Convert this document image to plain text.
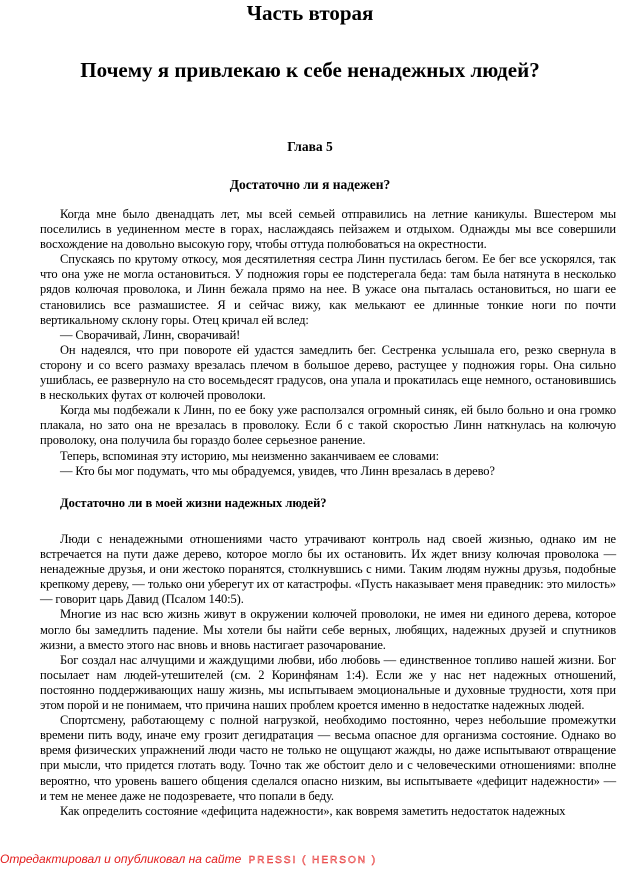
Часть вторая
Почему я привлекаю к себе ненадежных людей?
Глава 5
Достаточно ли я надежен?

Когда мне было двенадцать лет, мы всей семьей отправились на летние каникулы. Вшестером мы поселились в уединенном месте в горах, наслаждаясь пейзажем и отдыхом. Однажды мы все совершили восхождение на довольно высокую гору, чтобы оттуда полюбоваться на окрестности.

Спускаясь по крутому откосу, моя десятилетняя сестра Линн пустилась бегом. Ее бег все ускорялся, так что она уже не могла остановиться. У подножия горы ее подстерегала беда: там была натянута в несколько рядов колючая проволока, и Линн бежала прямо на нее. В ужасе она пыталась остановиться, но шаги ее становились все размашистее. Я и сейчас вижу, как мелькают ее длинные тонкие ноги по почти вертикальному склону горы. Отец кричал ей вслед:

— Сворачивай, Линн, сворачивай!

Он надеялся, что при повороте ей удастся замедлить бег. Сестренка услышала его, резко свернула в сторону и со всего размаху врезалась плечом в большое дерево, растущее у подножия горы. Она сильно ушиблась, ее развернуло на сто восемьдесят градусов, она упала и прокатилась еще немного, остановившись в нескольких футах от колючей проволоки.

Когда мы подбежали к Линн, по ее боку уже расползался огромный синяк, ей было больно и она громко плакала, но зато она не врезалась в проволоку. Если б с такой скоростью Линн наткнулась на колючую проволоку, она получила бы гораздо более серьезное ранение.

Теперь, вспоминая эту историю, мы неизменно заканчиваем ее словами:

— Кто бы мог подумать, что мы обрадуемся, увидев, что Линн врезалась в дерево?

Достаточно ли в моей жизни надежных людей?

Люди с ненадежными отношениями часто утрачивают контроль над своей жизнью, однако им не встречается на пути даже дерево, которое могло бы их остановить. Их ждет внизу колючая проволока — ненадежные друзья, и они жестоко поранятся, столкнувшись с ними. Таким людям нужны друзья, подобные крепкому дереву, — только они уберегут их от катастрофы. «Пусть наказывает меня праведник: это милость» — говорит царь Давид (Псалом 140:5).

Многие из нас всю жизнь живут в окружении колючей проволоки, не имея ни единого дерева, которое могло бы замедлить падение. Мы хотели бы найти себе верных, любящих, надежных друзей и спутников жизни, а вместо этого нас вновь и вновь настигает разочарование.

Бог создал нас алчущими и жаждущими любви, ибо любовь — единственное топливо нашей жизни. Бог посылает нам людей-утешителей (см. 2 Коринфянам 1:4). Если же у нас нет надежных отношений, постоянно поддерживающих нашу жизнь, мы испытываем эмоциональные и духовные трудности, хотя при этом порой и не понимаем, что причина наших проблем кроется именно в недостатке надежных людей.

Спортсмену, работающему с полной нагрузкой, необходимо постоянно, через небольшие промежутки времени пить воду, иначе ему грозит дегидратация — весьма опасное для организма состояние. Однако во время физических упражнений люди часто не только не ощущают жажды, но даже испытывают отвращение при мысли, что придется глотать воду. Точно так же обстоит дело и с человеческими отношениями: вполне вероятно, что уровень вашего общения сделался опасно низким, вы испытываете «дефицит надежности» — и тем не менее даже не подозреваете, что попали в беду.

Как определить состояние «дефицита надежности», как вовремя заметить недостаток надежных

Отредактировал и опубликовал на сайте PRESSI ( HERSON )
